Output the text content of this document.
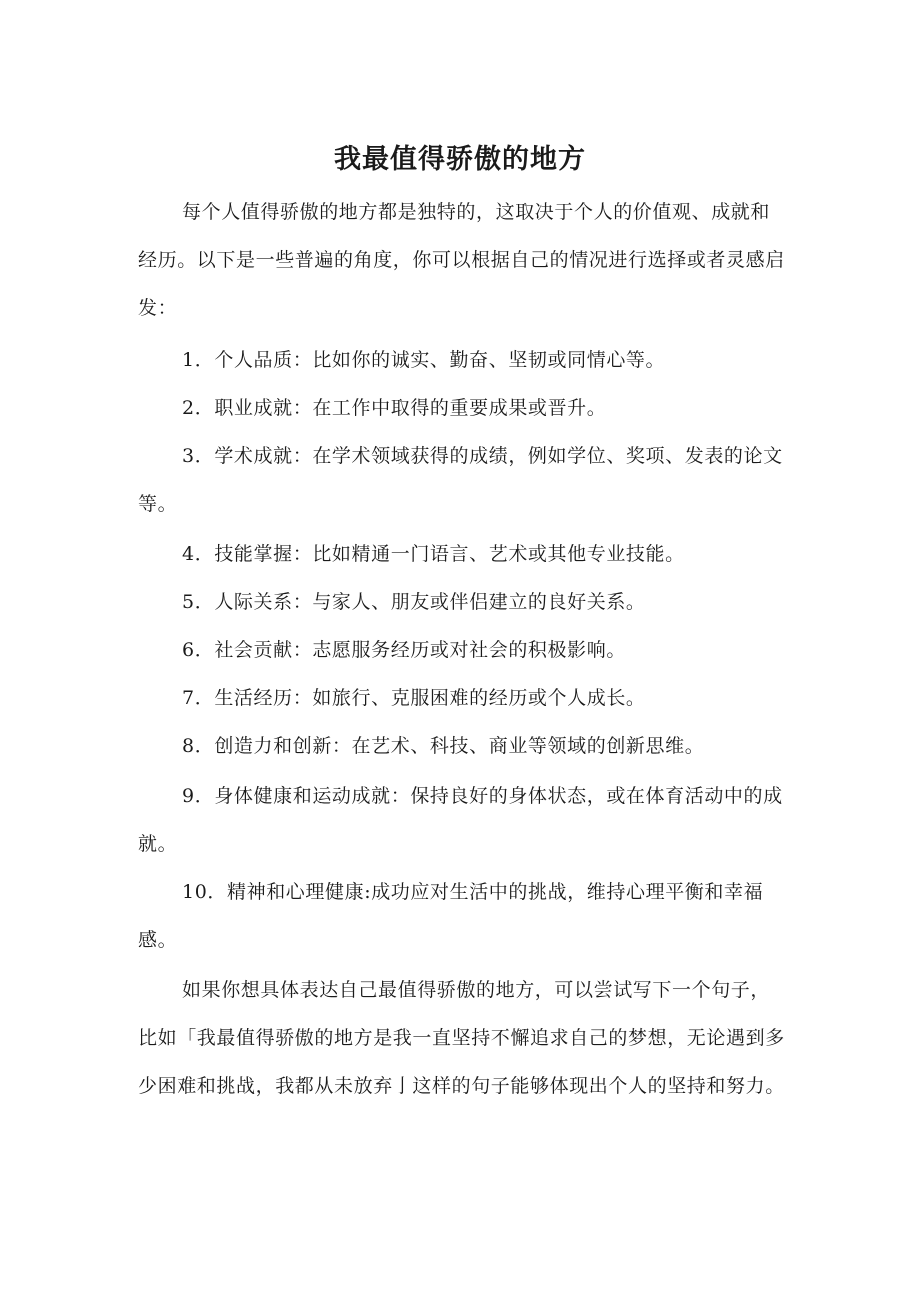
我最值得骄傲的地方

每个人值得骄傲的地方都是独特的，这取决于个人的价值观、成就和经历。以下是一些普遍的角度，你可以根据自己的情况进行选择或者灵感启发：

1．个人品质：比如你的诚实、勤奋、坚韧或同情心等。

2．职业成就：在工作中取得的重要成果或晋升。

3．学术成就：在学术领域获得的成绩，例如学位、奖项、发表的论文等。

4．技能掌握：比如精通一门语言、艺术或其他专业技能。

5．人际关系：与家人、朋友或伴侣建立的良好关系。

6．社会贡献：志愿服务经历或对社会的积极影响。

7．生活经历：如旅行、克服困难的经历或个人成长。

8．创造力和创新：在艺术、科技、商业等领域的创新思维。

9．身体健康和运动成就：保持良好的身体状态，或在体育活动中的成就。

10．精神和心理健康:成功应对生活中的挑战，维持心理平衡和幸福感。

如果你想具体表达自己最值得骄傲的地方，可以尝试写下一个句子，比如「我最值得骄傲的地方是我一直坚持不懈追求自己的梦想，无论遇到多少困难和挑战，我都从未放弃亅这样的句子能够体现出个人的坚持和努力。
